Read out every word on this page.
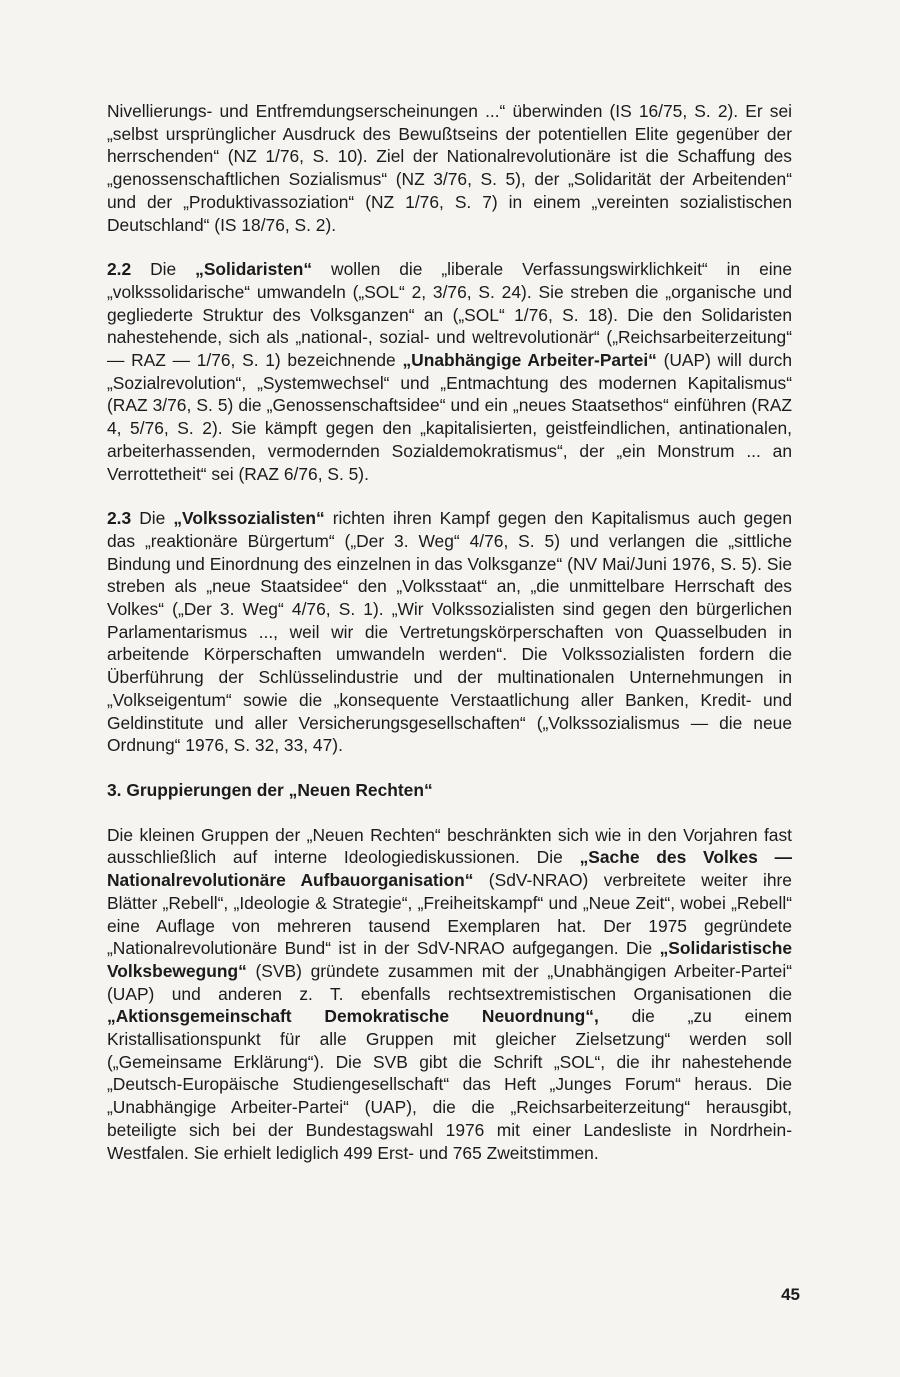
Nivellierungs- und Entfremdungserscheinungen ...“ überwinden (IS 16/75, S. 2). Er sei „selbst ursprünglicher Ausdruck des Bewußtseins der potentiellen Elite gegenüber der herrschenden“ (NZ 1/76, S. 10). Ziel der Nationalrevolutionäre ist die Schaffung des „genossenschaftlichen Sozialismus“ (NZ 3/76, S. 5), der „Solidarität der Arbeitenden“ und der „Produktivassoziation“ (NZ 1/76, S. 7) in einem „vereinten sozialistischen Deutschland“ (IS 18/76, S. 2).

2.2 Die „Solidaristen“ wollen die „liberale Verfassungswirklichkeit“ in eine „volkssolidarische“ umwandeln („SOL“ 2, 3/76, S. 24). Sie streben die „organische und gegliederte Struktur des Volksganzen“ an („SOL“ 1/76, S. 18). Die den Solidaristen nahestehende, sich als „national-, sozial- und weltrevolutionär“ („Reichsarbeiterzeitung“ — RAZ — 1/76, S. 1) bezeichnende „Unabhängige Arbeiter-Partei“ (UAP) will durch „Sozialrevolution“, „Systemwechsel“ und „Entmachtung des modernen Kapitalismus“ (RAZ 3/76, S. 5) die „Genossenschaftsidee“ und ein „neues Staatsethos“ einführen (RAZ 4, 5/76, S. 2). Sie kämpft gegen den „kapitalisierten, geistfeindlichen, antinationalen, arbeiterhassenden, vermodernden Sozialdemokratismus“, der „ein Monstrum ... an Verrottetheit“ sei (RAZ 6/76, S. 5).

2.3 Die „Volkssozialisten“ richten ihren Kampf gegen den Kapitalismus auch gegen das „reaktionäre Bürgertum“ („Der 3. Weg“ 4/76, S. 5) und verlangen die „sittliche Bindung und Einordnung des einzelnen in das Volksganze“ (NV Mai/Juni 1976, S. 5). Sie streben als „neue Staatsidee“ den „Volksstaat“ an, „die unmittelbare Herrschaft des Volkes“ („Der 3. Weg“ 4/76, S. 1). „Wir Volkssozialisten sind gegen den bürgerlichen Parlamentarismus ..., weil wir die Vertretungskörperschaften von Quasselbuden in arbeitende Körperschaften umwandeln werden“. Die Volkssozialisten fordern die Überführung der Schlüsselindustrie und der multinationalen Unternehmungen in „Volkseigentum“ sowie die „konsequente Verstaatlichung aller Banken, Kredit- und Geldinstitute und aller Versicherungsgesellschaften“ („Volkssozialismus — die neue Ordnung“ 1976, S. 32, 33, 47).

3. Gruppierungen der „Neuen Rechten“

Die kleinen Gruppen der „Neuen Rechten“ beschränkten sich wie in den Vorjahren fast ausschließlich auf interne Ideologiediskussionen. Die „Sache des Volkes — Nationalrevolutionäre Aufbauorganisation“ (SdV-NRAO) verbreitete weiter ihre Blätter „Rebell“, „Ideologie & Strategie“, „Freiheitskampf“ und „Neue Zeit“, wobei „Rebell“ eine Auflage von mehreren tausend Exemplaren hat. Der 1975 gegründete „Nationalrevolutionäre Bund“ ist in der SdV-NRAO aufgegangen. Die „Solidaristische Volksbewegung“ (SVB) gründete zusammen mit der „Unabhängigen Arbeiter-Partei“ (UAP) und anderen z. T. ebenfalls rechtsextremistischen Organisationen die „Aktionsgemeinschaft Demokratische Neuordnung“, die „zu einem Kristallisationspunkt für alle Gruppen mit gleicher Zielsetzung“ werden soll („Gemeinsame Erklärung“). Die SVB gibt die Schrift „SOL“, die ihr nahestehende „Deutsch-Europäische Studiengesellschaft“ das Heft „Junges Forum“ heraus. Die „Unabhängige Arbeiter-Partei“ (UAP), die die „Reichsarbeiterzeitung“ herausgibt, beteiligte sich bei der Bundestagswahl 1976 mit einer Landesliste in Nordrhein-Westfalen. Sie erhielt lediglich 499 Erst- und 765 Zweitstimmen.

45
